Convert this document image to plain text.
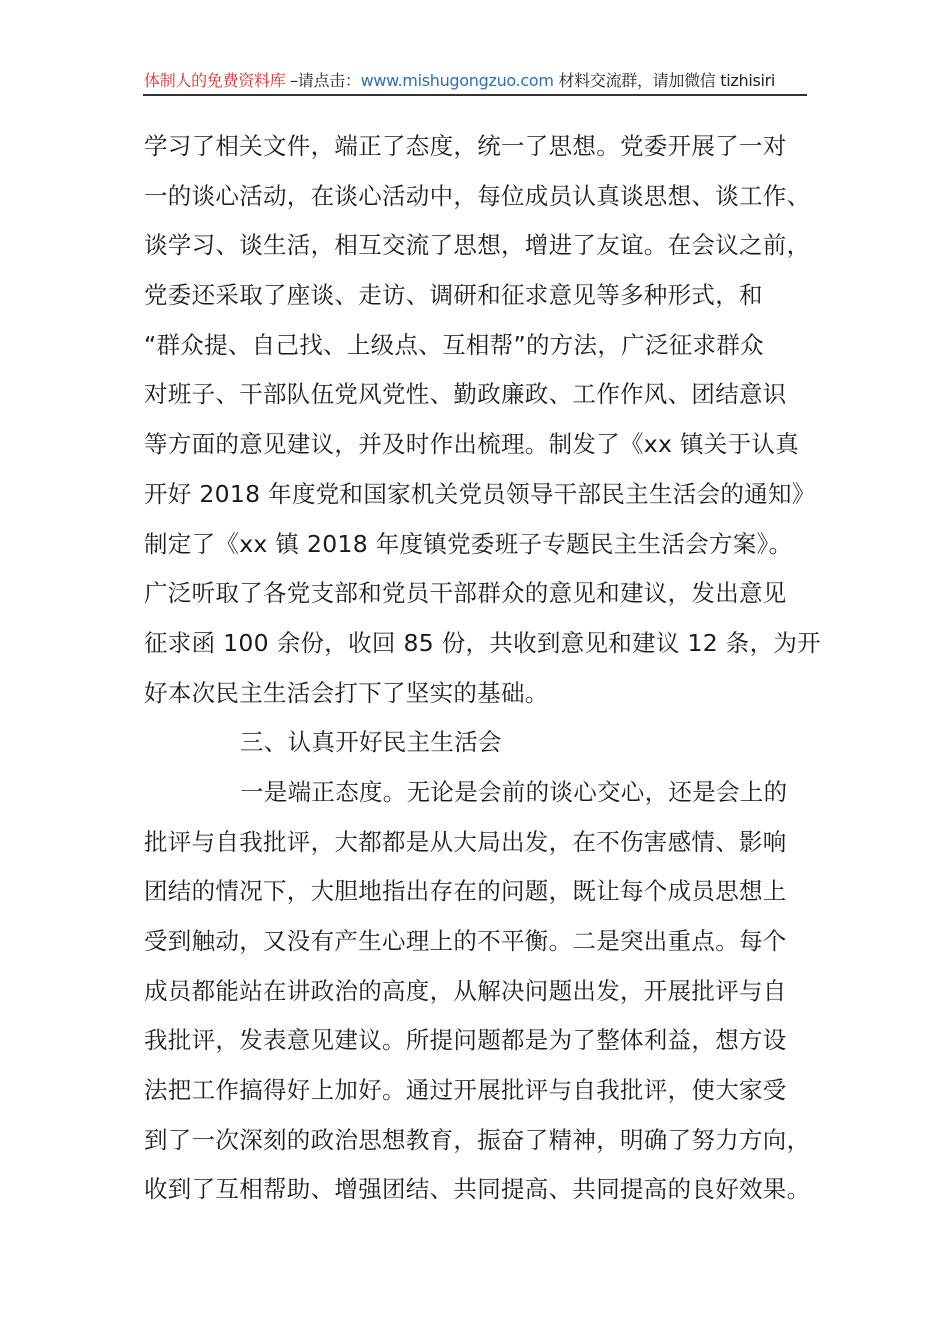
体制人的免费资料库 –请点击：www.mishugongzuo.com 材料交流群，请加微信 tizhisiri
学习了相关文件，端正了态度，统一了思想。党委开展了一对
一的谈心活动，在谈心活动中，每位成员认真谈思想、谈工作、
谈学习、谈生活，相互交流了思想，增进了友谊。在会议之前，
党委还采取了座谈、走访、调研和征求意见等多种形式，和
“群众提、自己找、上级点、互相帮”的方法，广泛征求群众
对班子、干部队伍党风党性、勤政廉政、工作作风、团结意识
等方面的意见建议，并及时作出梳理。制发了《xx 镇关于认真
开好 2018 年度党和国家机关党员领导干部民主生活会的通知》
制定了《xx 镇 2018 年度镇党委班子专题民主生活会方案》。
广泛听取了各党支部和党员干部群众的意见和建议，发出意见
征求函 100 余份，收回 85 份，共收到意见和建议 12 条，为开
好本次民主生活会打下了坚实的基础。
三、认真开好民主生活会
一是端正态度。无论是会前的谈心交心，还是会上的
批评与自我批评，大都都是从大局出发，在不伤害感情、影响
团结的情况下，大胆地指出存在的问题，既让每个成员思想上
受到触动，又没有产生心理上的不平衡。二是突出重点。每个
成员都能站在讲政治的高度，从解决问题出发，开展批评与自
我批评，发表意见建议。所提问题都是为了整体利益，想方设
法把工作搞得好上加好。通过开展批评与自我批评，使大家受
到了一次深刻的政治思想教育，振奋了精神，明确了努力方向，
收到了互相帮助、增强团结、共同提高、共同提高的良好效果。
